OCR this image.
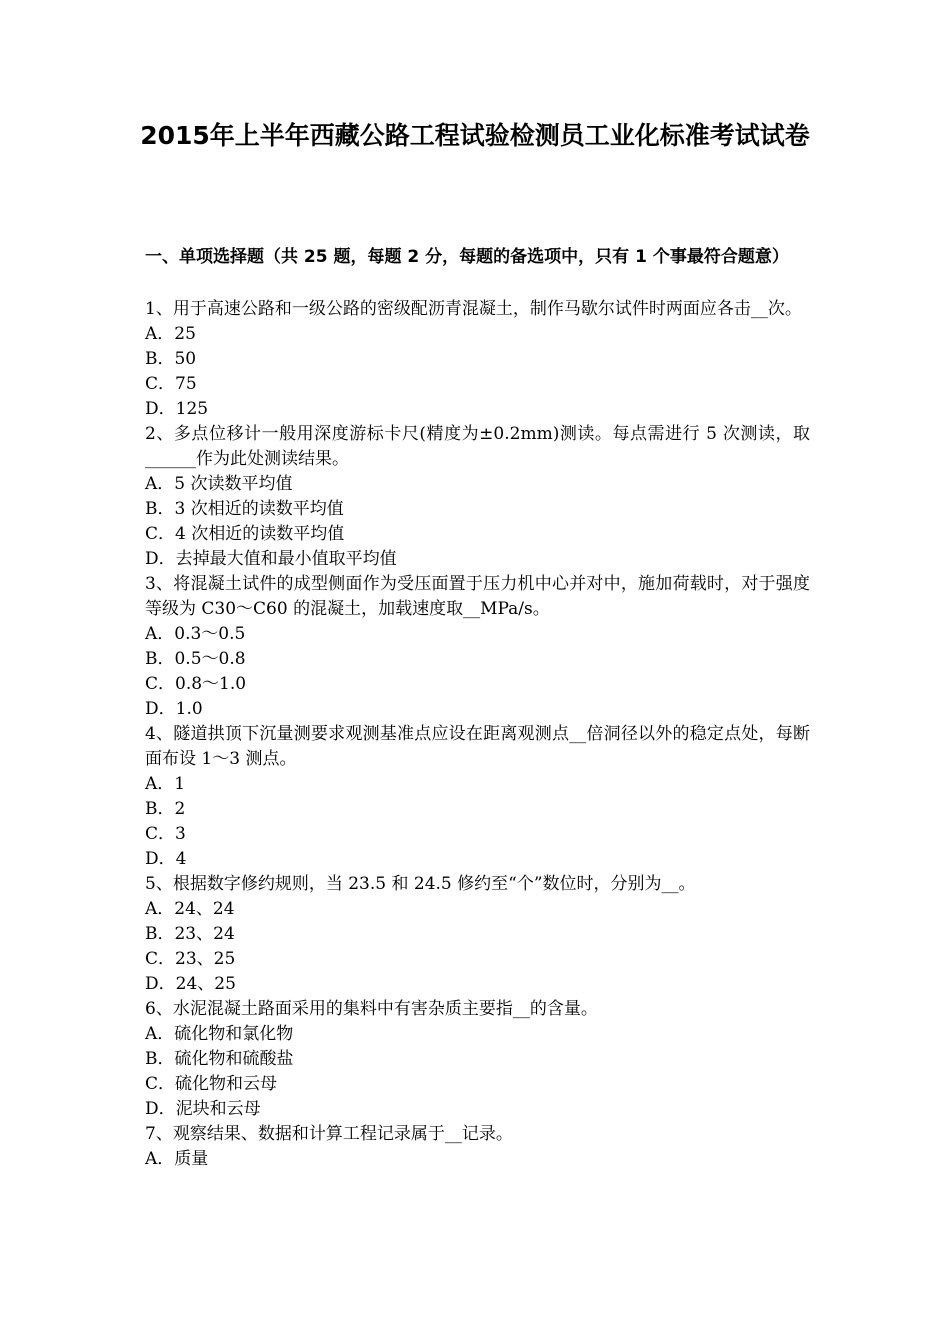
2015年上半年西藏公路工程试验检测员工业化标准考试试卷
一、单项选择题（共 25 题，每题 2 分，每题的备选项中，只有 1 个事最符合题意）

1、用于高速公路和一级公路的密级配沥青混凝土，制作马歇尔试件时两面应各击__次。

A．25

B．50

C．75

D．125

2、多点位移计一般用深度游标卡尺(精度为±0.2mm)测读。每点需进行 5 次测读，取______作为此处测读结果。

A．5 次读数平均值

B．3 次相近的读数平均值

C．4 次相近的读数平均值

D．去掉最大值和最小值取平均值

3、将混凝土试件的成型侧面作为受压面置于压力机中心并对中，施加荷载时，对于强度等级为 C30～C60 的混凝土，加载速度取__MPa/s。

A．0.3～0.5

B．0.5～0.8

C．0.8～1.0

D．1.0

4、隧道拱顶下沉量测要求观测基准点应设在距离观测点__倍洞径以外的稳定点处，每断面布设 1～3 测点。

A．1

B．2

C．3

D．4

5、根据数字修约规则，当 23.5 和 24.5 修约至“个”数位时，分别为__。

A．24、24

B．23、24

C．23、25

D．24、25

6、水泥混凝土路面采用的集料中有害杂质主要指__的含量。

A．硫化物和氯化物

B．硫化物和硫酸盐

C．硫化物和云母

D．泥块和云母

7、观察结果、数据和计算工程记录属于__记录。

A．质量
